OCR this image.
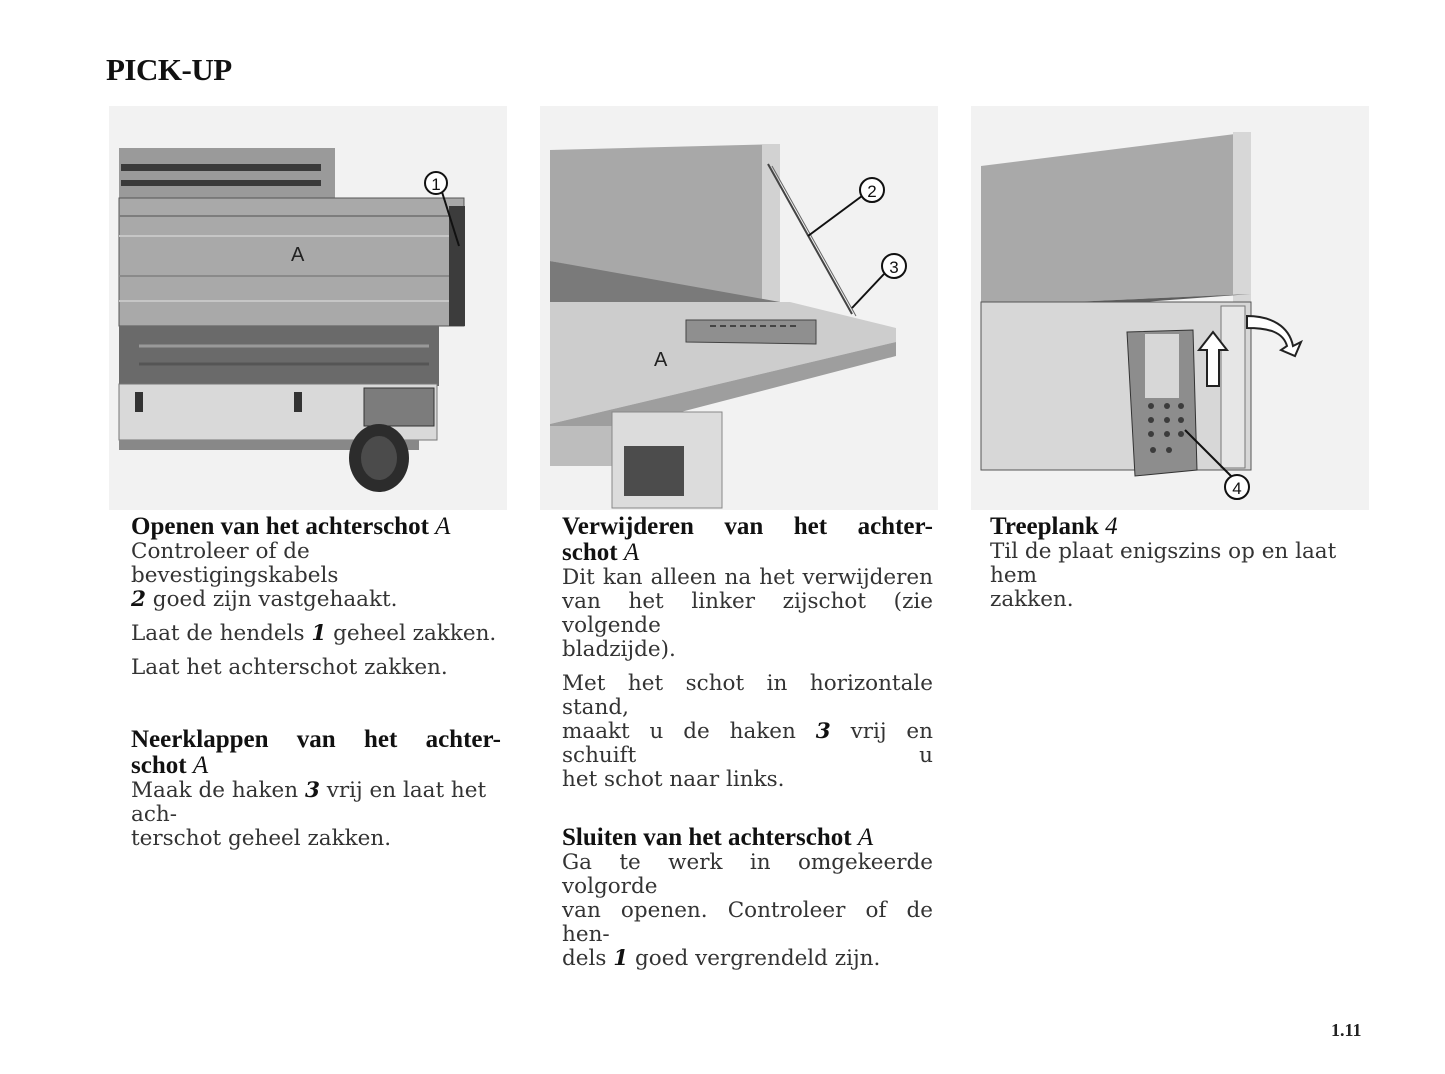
PICK-UP
A
1
A
2
3
4
Openen van het achterschot A

Controleer of de bevestigingskabels
2 goed zijn vastgehaakt.

Laat de hendels 1 geheel zakken.

Laat het achterschot zakken.

Neerklappen van het achter-
schot A

Maak de haken 3 vrij en laat het ach-
terschot geheel zakken.

Verwijderen van het achter-
schot A

Dit kan alleen na het verwijderen
van het linker zijschot (zie volgende
bladzijde).

Met het schot in horizontale stand,
maakt u de haken 3 vrij en schuift u
het schot naar links.

Sluiten van het achterschot A

Ga te werk in omgekeerde volgorde
van openen. Controleer of de hen-
dels 1 goed vergrendeld zijn.

Treeplank 4

Til de plaat enigszins op en laat hem
zakken.

1.11
